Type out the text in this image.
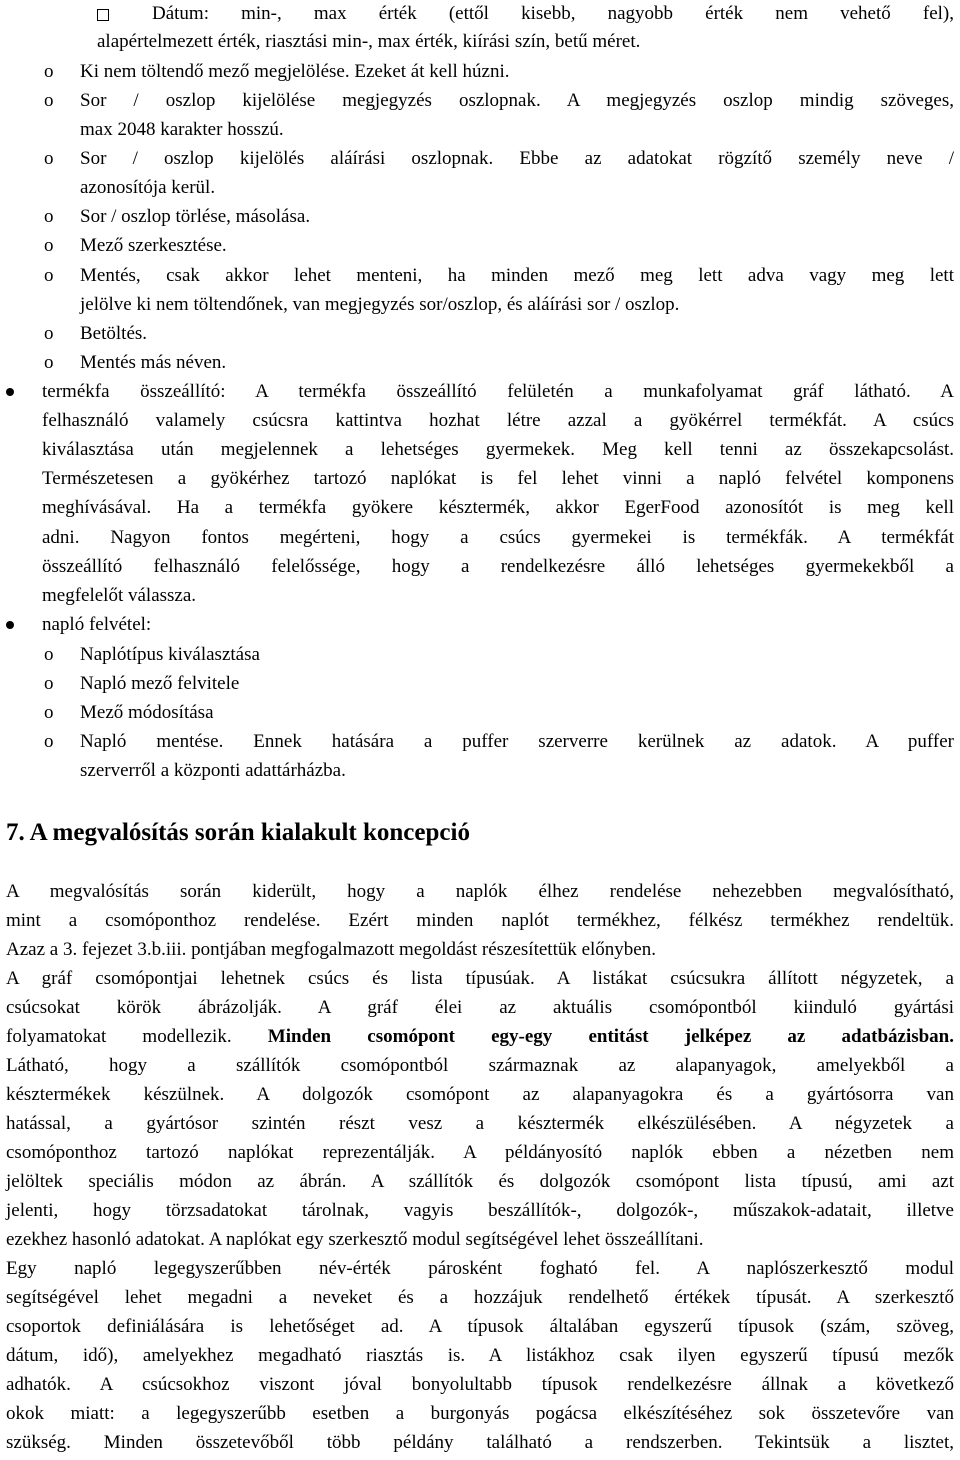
Dátum: min-, max érték (ettől kisebb, nagyobb érték nem vehető fel),
alapértelmezett érték, riasztási min-, max érték, kiírási szín, betű méret.
o Ki nem töltendő mező megjelölése. Ezeket át kell húzni.
o Sor / oszlop kijelölése megjegyzés oszlopnak. A megjegyzés oszlop mindig szöveges,
max 2048 karakter hosszú.
o Sor / oszlop kijelölés aláírási oszlopnak. Ebbe az adatokat rögzítő személy neve /
azonosítója kerül.
o Sor / oszlop törlése, másolása.
o Mező szerkesztése.
o Mentés, csak akkor lehet menteni, ha minden mező meg lett adva vagy meg lett
jelölve ki nem töltendőnek, van megjegyzés sor/oszlop, és aláírási sor / oszlop.
o Betöltés.
o Mentés más néven.
termékfa összeállító: A termékfa összeállító felületén a munkafolyamat gráf látható. A
felhasználó valamely csúcsra kattintva hozhat létre azzal a gyökérrel termékfát. A csúcs
kiválasztása után megjelennek a lehetséges gyermekek. Meg kell tenni az összekapcsolást.
Természetesen a gyökérhez tartozó naplókat is fel lehet vinni a napló felvétel komponens
meghívásával. Ha a termékfa gyökere késztermék, akkor EgerFood azonosítót is meg kell
adni. Nagyon fontos megérteni, hogy a csúcs gyermekei is termékfák. A termékfát
összeállító felhasználó felelőssége, hogy a rendelkezésre álló lehetséges gyermekekből a
megfelelőt válassza.
napló felvétel:
o Naplótípus kiválasztása
o Napló mező felvitele
o Mező módosítása
o Napló mentése. Ennek hatására a puffer szerverre kerülnek az adatok. A puffer
szerverről a központi adattárházba.
7. A megvalósítás során kialakult koncepció
A megvalósítás során kiderült, hogy a naplók élhez rendelése nehezebben megvalósítható,
mint a csomóponthoz rendelése. Ezért minden naplót termékhez, félkész termékhez rendeltük.
Azaz a 3. fejezet 3.b.iii. pontjában megfogalmazott megoldást részesítettük előnyben.
A gráf csomópontjai lehetnek csúcs és lista típusúak. A listákat csúcsukra állított négyzetek, a
csúcsokat körök ábrázolják. A gráf élei az aktuális csomópontból kiinduló gyártási
folyamatokat modellezik. Minden csomópont egy-egy entitást jelképez az adatbázisban.
Látható, hogy a szállítók csomópontból származnak az alapanyagok, amelyekből a
késztermékek készülnek. A dolgozók csomópont az alapanyagokra és a gyártósorra van
hatással, a gyártósor szintén részt vesz a késztermék elkészülésében. A négyzetek a
csomóponthoz tartozó naplókat reprezentálják. A példányosító naplók ebben a nézetben nem
jelöltek speciális módon az ábrán. A szállítók és dolgozók csomópont lista típusú, ami azt
jelenti, hogy törzsadatokat tárolnak, vagyis beszállítók-, dolgozók-, műszakok-adatait, illetve
ezekhez hasonló adatokat. A naplókat egy szerkesztő modul segítségével lehet összeállítani.
Egy napló legegyszerűbben név-érték párosként fogható fel. A naplószerkesztő modul
segítségével lehet megadni a neveket és a hozzájuk rendelhető értékek típusát. A szerkesztő
csoportok definiálására is lehetőséget ad. A típusok általában egyszerű típusok (szám, szöveg,
dátum, idő), amelyekhez megadható riasztás is. A listákhoz csak ilyen egyszerű típusú mezők
adhatók. A csúcsokhoz viszont jóval bonyolultabb típusok rendelkezésre állnak a következő
okok miatt: a legegyszerűbb esetben a burgonyás pogácsa elkészítéséhez sok összetevőre van
szükség. Minden összetevőből több példány található a rendszerben. Tekintsük a lisztet,
